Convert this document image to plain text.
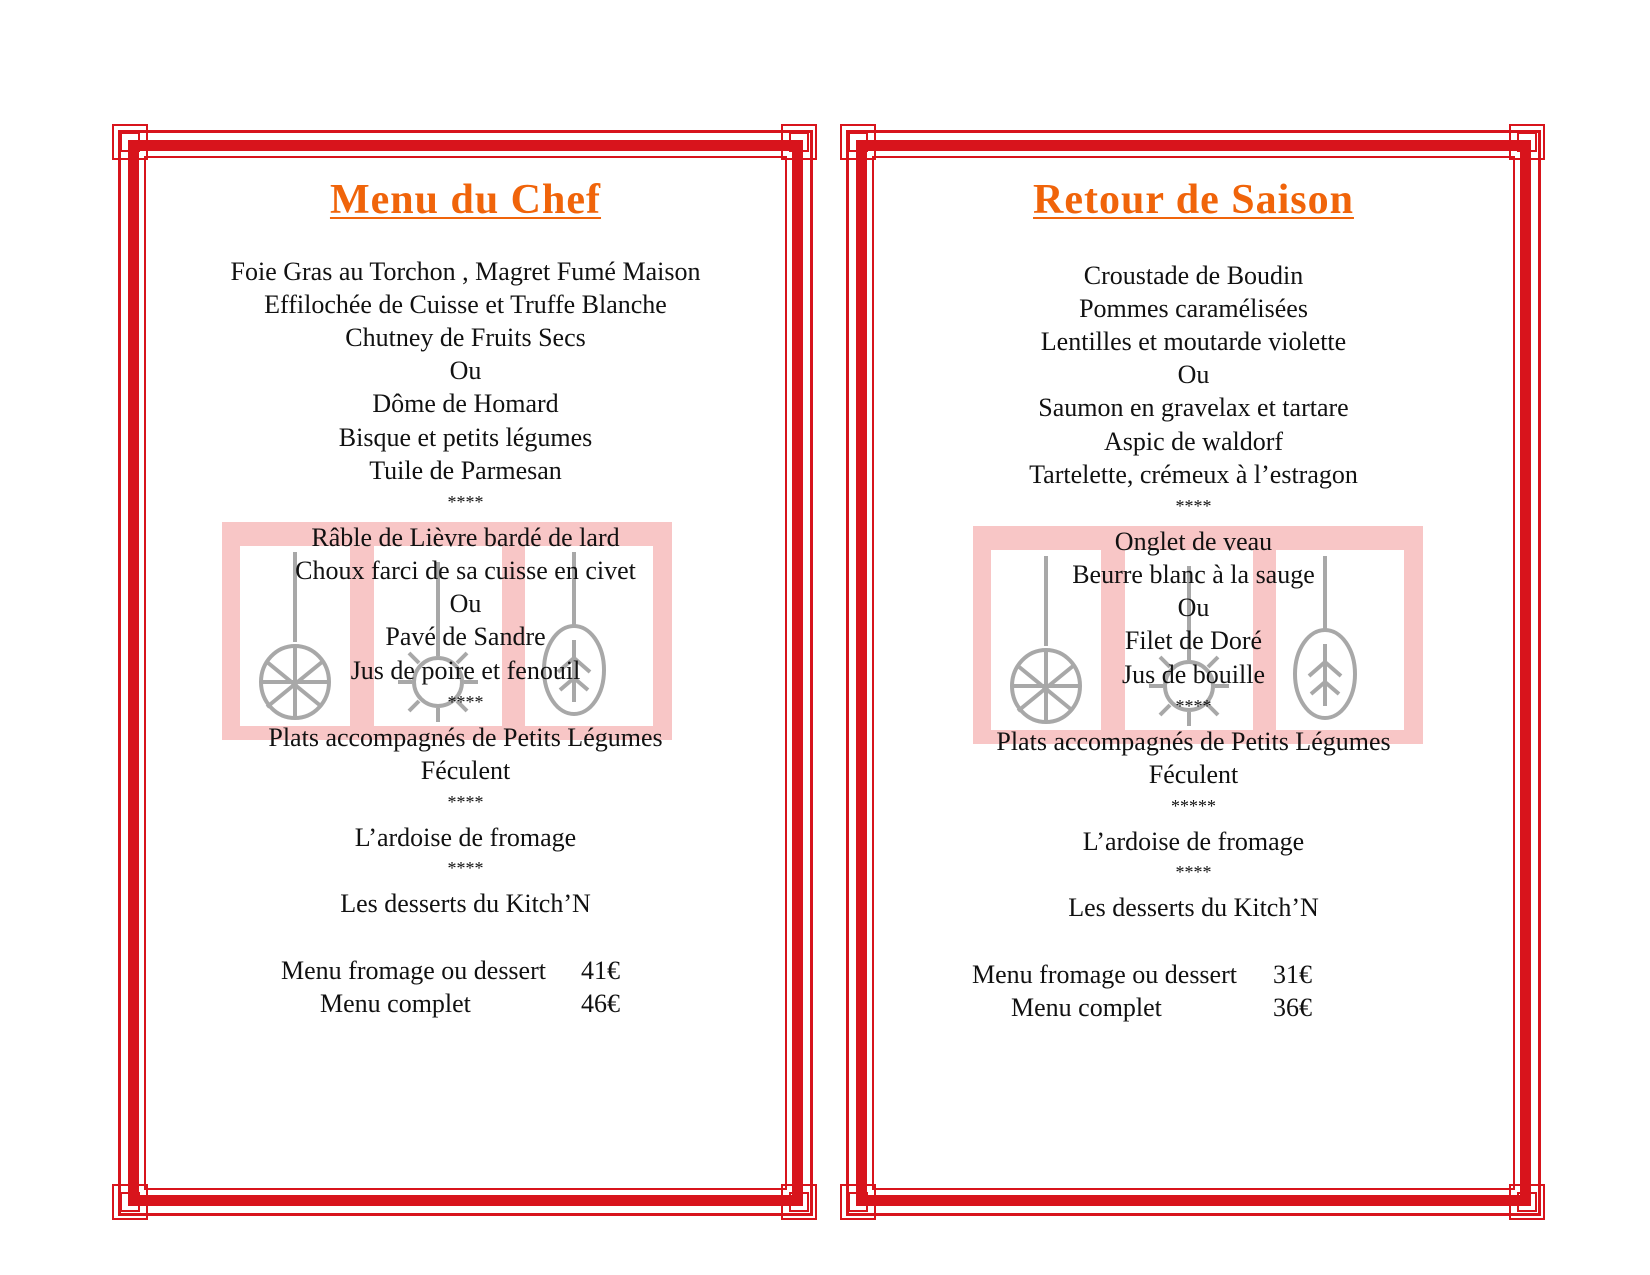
Menu du Chef
Foie Gras au Torchon , Magret Fumé Maison
Effilochée de Cuisse et Truffe Blanche
Chutney de Fruits Secs
Ou
Dôme de Homard
Bisque et petits légumes
Tuile de Parmesan
****
Râble de Lièvre bardé de lard
Choux farci de sa cuisse en civet
Ou
Pavé de Sandre
Jus de poire et fenouil
****
Plats accompagnés de Petits Légumes
Féculent
****
L’ardoise de fromage
****
Les desserts du Kitch’N
Menu fromage ou dessert 41€
Menu complet	46€
Retour de Saison
Croustade de Boudin
Pommes caramélisées
Lentilles et moutarde violette
Ou
Saumon en gravelax et tartare
Aspic de waldorf
Tartelette, crémeux à l’estragon
****
Onglet de veau
Beurre blanc à la sauge
Ou
Filet de Doré
Jus de bouille
****
Plats accompagnés de Petits Légumes
Féculent
*****
L’ardoise de fromage
****
Les desserts du Kitch’N
Menu fromage ou dessert 31€
Menu complet	36€
